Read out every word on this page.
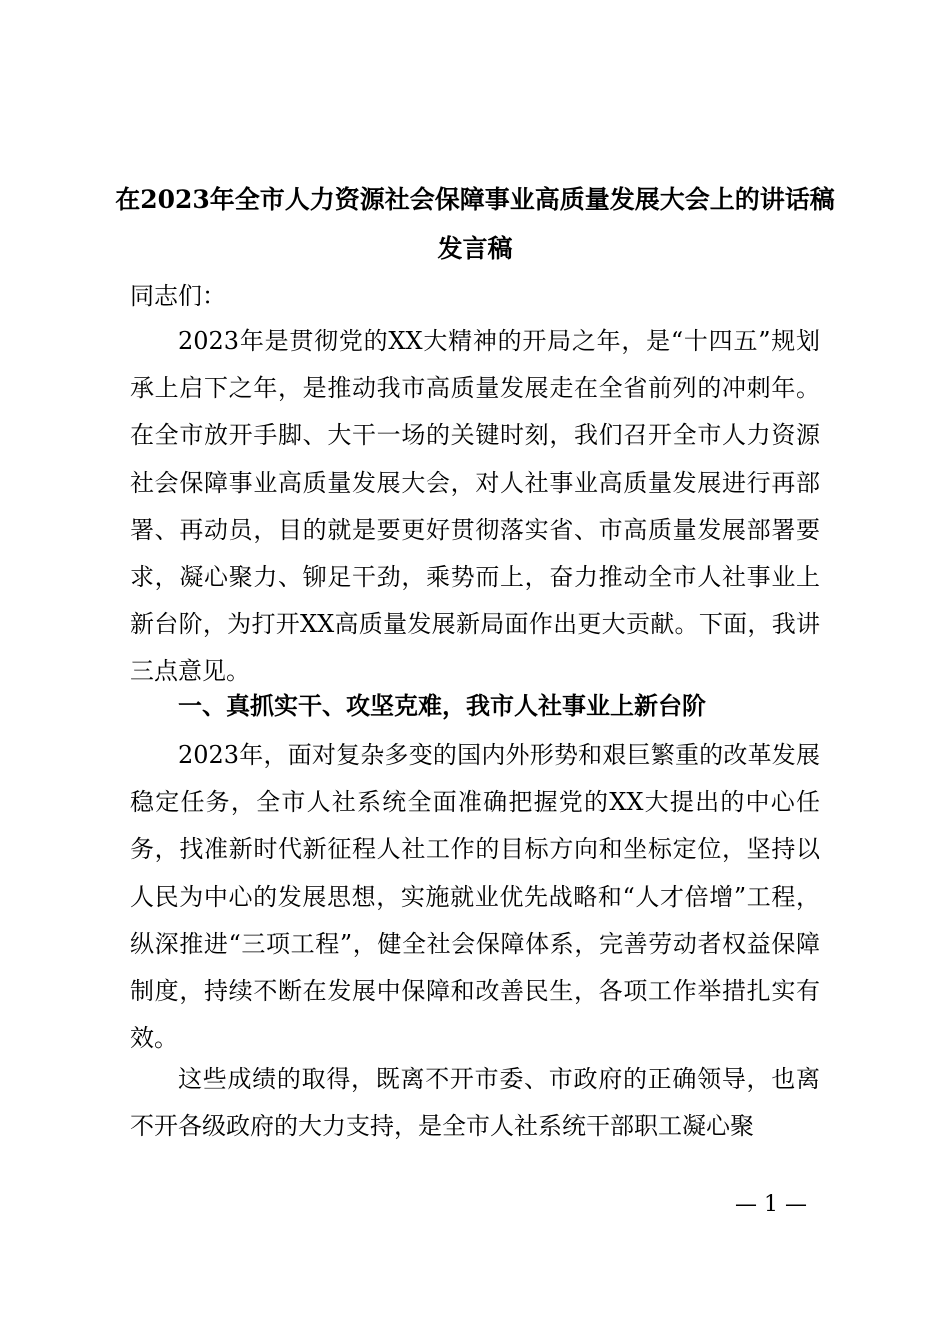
在2023年全市人力资源社会保障事业高质量发展大会上的讲话稿
发言稿
同志们：

2023年是贯彻党的XX大精神的开局之年，是“十四五”规划承上启下之年，是推动我市高质量发展走在全省前列的冲刺年。在全市放开手脚、大干一场的关键时刻，我们召开全市人力资源社会保障事业高质量发展大会，对人社事业高质量发展进行再部署、再动员，目的就是要更好贯彻落实省、市高质量发展部署要求，凝心聚力、铆足干劲，乘势而上，奋力推动全市人社事业上新台阶，为打开XX高质量发展新局面作出更大贡献。下面，我讲三点意见。

一、真抓实干、攻坚克难，我市人社事业上新台阶

2023年，面对复杂多变的国内外形势和艰巨繁重的改革发展稳定任务，全市人社系统全面准确把握党的XX大提出的中心任务，找准新时代新征程人社工作的目标方向和坐标定位，坚持以人民为中心的发展思想，实施就业优先战略和“人才倍增”工程，纵深推进“三项工程”，健全社会保障体系，完善劳动者权益保障制度，持续不断在发展中保障和改善民生，各项工作举措扎实有效。

这些成绩的取得，既离不开市委、市政府的正确领导，也离不开各级政府的大力支持，是全市人社系统干部职工凝心聚

— 1 —
